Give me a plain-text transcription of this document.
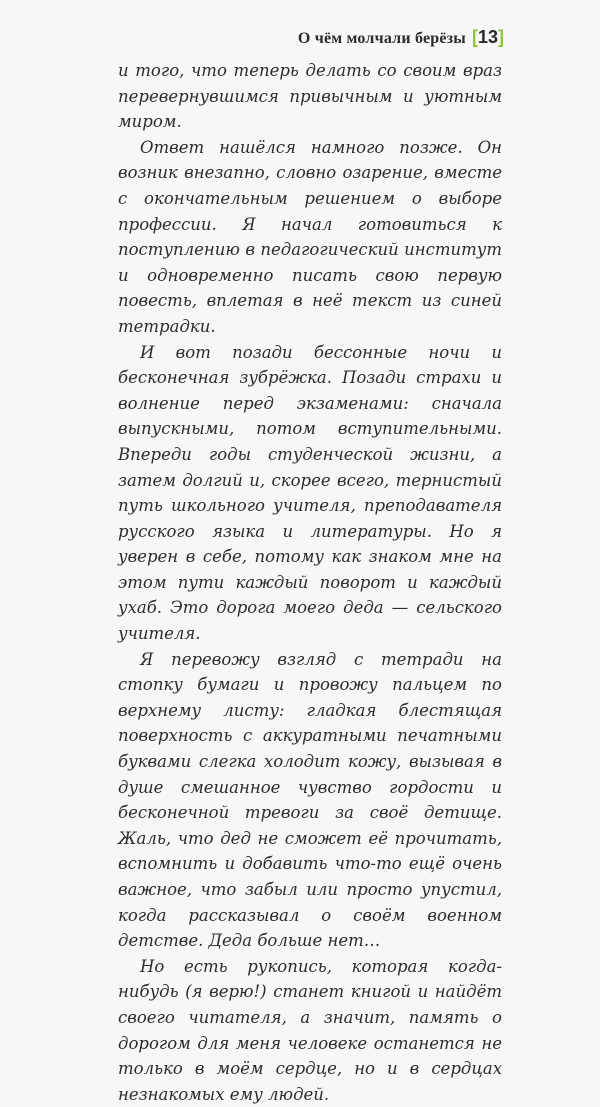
О чём молчали берёзы [13]

и того, что теперь делать со своим враз перевернувшимся привычным и уютным миром.

Ответ нашёлся намного позже. Он возник внезапно, словно озарение, вместе с окончательным решением о выборе профессии. Я начал готовиться к поступлению в педагогический институт и одновременно писать свою первую повесть, вплетая в неё текст из синей тетрадки.

И вот позади бессонные ночи и бесконечная зубрёжка. Позади страхи и волнение перед экзаменами: сначала выпускными, потом вступительными. Впереди годы студенческой жизни, а затем долгий и, скорее всего, тернистый путь школьного учителя, преподавателя русского языка и литературы. Но я уверен в себе, потому как знаком мне на этом пути каждый поворот и каждый ухаб. Это дорога моего деда — сельского учителя.

Я перевожу взгляд с тетради на стопку бумаги и провожу пальцем по верхнему листу: гладкая блестящая поверхность с аккуратными печатными буквами слегка холодит кожу, вызывая в душе смешанное чувство гордости и бесконечной тревоги за своё детище. Жаль, что дед не сможет её прочитать, вспомнить и добавить что-то ещё очень важное, что забыл или просто упустил, когда рассказывал о своём военном детстве. Деда больше нет…

Но есть рукопись, которая когда-нибудь (я верю!) станет книгой и найдёт своего читателя, а значит, память о дорогом для меня человеке останется не только в моём сердце, но и в сердцах незнакомых ему людей.
